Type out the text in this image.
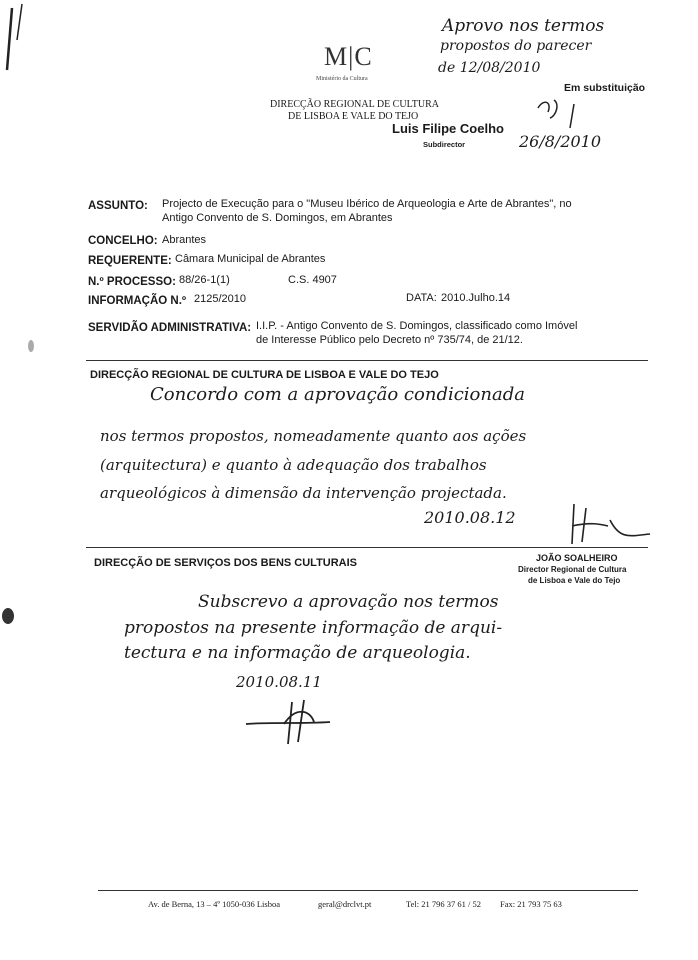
M|C
Ministério da Cultura
DIRECÇÃO REGIONAL DE CULTURA
DE LISBOA E VALE DO TEJO
Aprovo nos termos
propostos do parecer
de 12/08/2010
Em substituição
Luis Filipe Coelho
Subdirector	26/8/2010
ASSUNTO: Projecto de Execução para o "Museu Ibérico de Arqueologia e Arte de Abrantes", no
Antigo Convento de S. Domingos, em Abrantes
CONCELHO: Abrantes
REQUERENTE: Câmara Municipal de Abrantes
N.º PROCESSO: 88/26-1(1)	C.S. 4907
INFORMAÇÃO N.º 2125/2010	DATA: 2010.Julho.14
SERVIDÃO ADMINISTRATIVA: I.I.P. - Antigo Convento de S. Domingos, classificado como Imóvel
de Interesse Público pelo Decreto nº 735/74, de 21/12.
DIRECÇÃO REGIONAL DE CULTURA DE LISBOA E VALE DO TEJO
Concordo com a aprovação condicionada
nos termos propostos, nomeadamente quanto aos ações
(arquitectura) e quanto à adequação dos trabalhos
arqueológicos à dimensão da intervenção projectada.
2010.08.12
DIRECÇÃO DE SERVIÇOS DOS BENS CULTURAIS	JOÃO SOALHEIRO
Director Regional de Cultura
de Lisboa e Vale do Tejo
Subscrevo a aprovação nos termos
propostos na presente informação de arqui-
tectura e na informação de arqueologia.
2010.08.11
Av. de Berna, 13 – 4º 1050-036 Lisboa	geral@drclvt.pt	Tel: 21 796 37 61 / 52 Fax: 21 793 75 63
